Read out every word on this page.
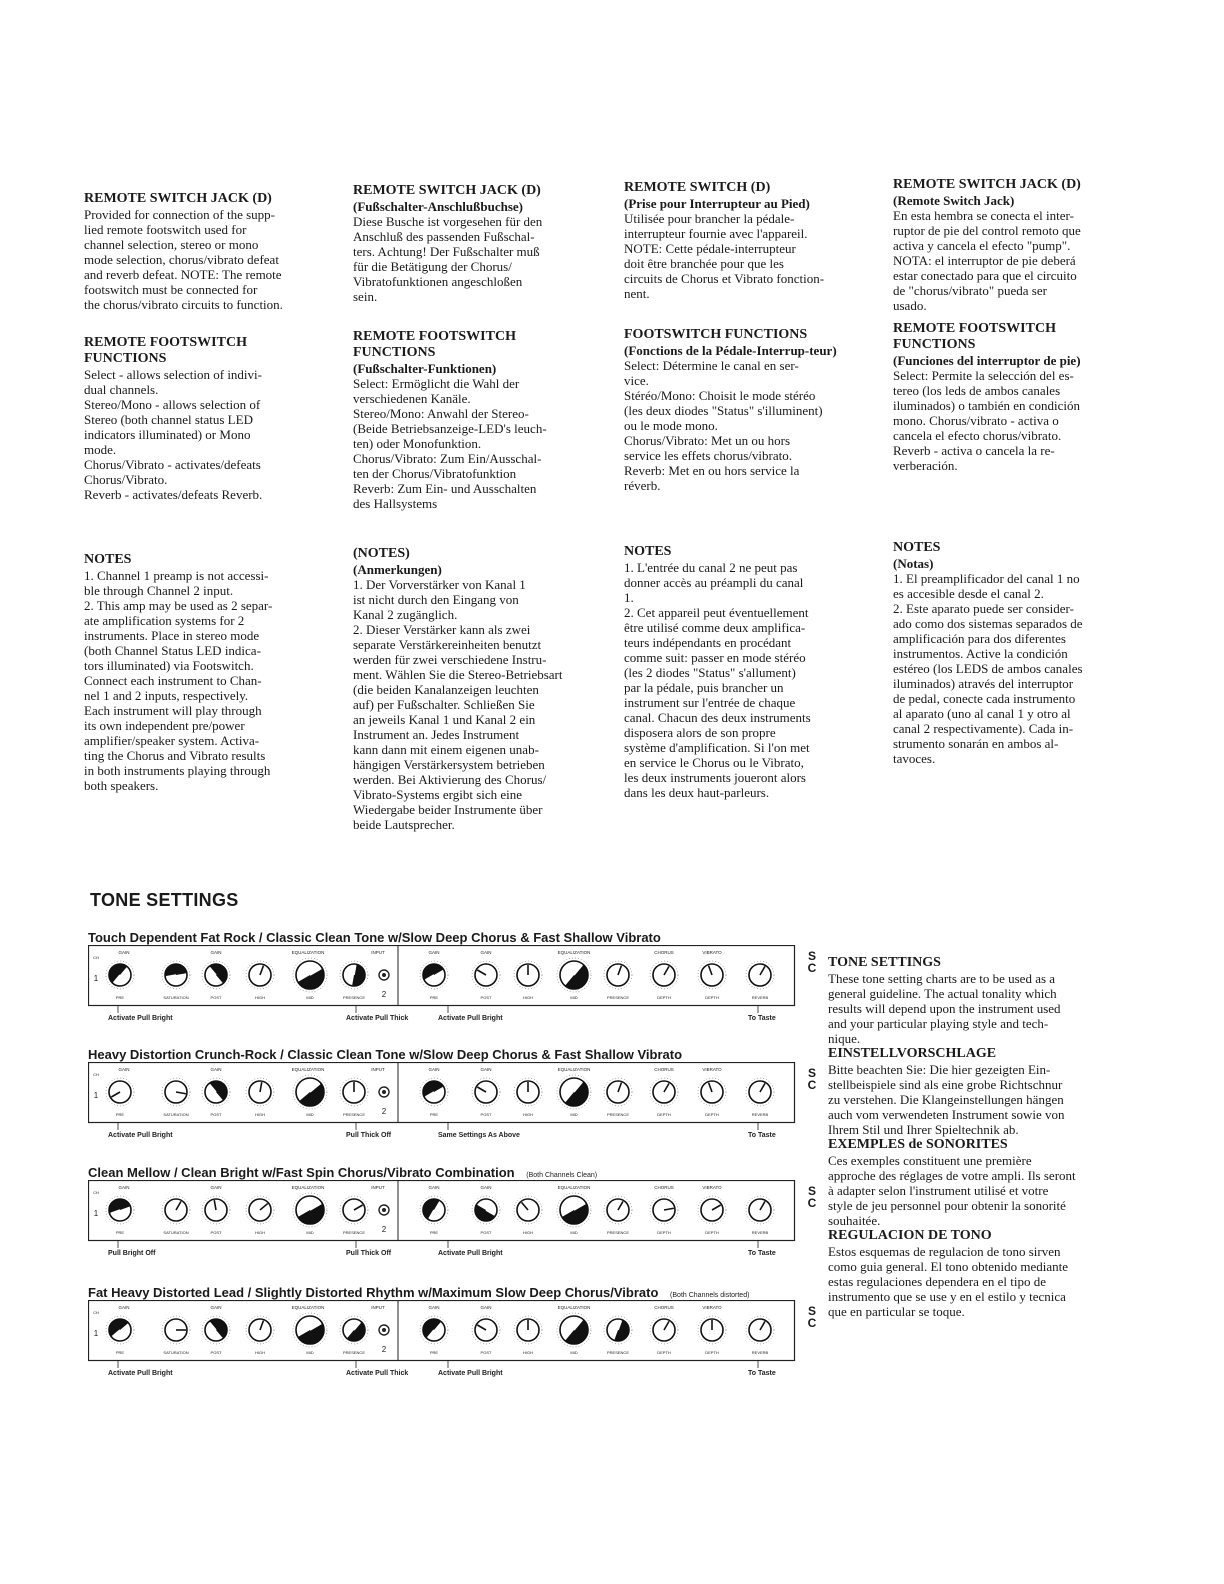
REMOTE SWITCH JACK (D)
Provided for connection of the supp-
lied remote footswitch used for
channel selection, stereo or mono
mode selection, chorus/vibrato defeat
and reverb defeat. NOTE: The remote
footswitch must be connected for
the chorus/vibrato circuits to function.
REMOTE FOOTSWITCH FUNCTIONS
Select - allows selection of indivi-
dual channels.
Stereo/Mono - allows selection of
Stereo (both channel status LED
indicators illuminated) or Mono
mode.
Chorus/Vibrato - activates/defeats
Chorus/Vibrato.
Reverb - activates/defeats Reverb.
NOTES
1. Channel 1 preamp is not accessi-
ble through Channel 2 input.
2. This amp may be used as 2 separ-
ate amplification systems for 2
instruments. Place in stereo mode
(both Channel Status LED indica-
tors illuminated) via Footswitch.
Connect each instrument to Chan-
nel 1 and 2 inputs, respectively.
Each instrument will play through
its own independent pre/power
amplifier/speaker system. Activa-
ting the Chorus and Vibrato results
in both instruments playing through
both speakers.
REMOTE SWITCH JACK (D)
(Fußschalter-Anschlußbuchse)
Diese Busche ist vorgesehen für den
Anschluß des passenden Fußschal-
ters. Achtung! Der Fußschalter muß
für die Betätigung der Chorus/
Vibratofunktionen angeschloßen
sein.
REMOTE FOOTSWITCH FUNCTIONS
(Fußschalter-Funktionen)
Select: Ermöglicht die Wahl der
verschiedenen Kanäle.
Stereo/Mono: Anwahl der Stereo-
(Beide Betriebsanzeige-LED's leuch-
ten) oder Monofunktion.
Chorus/Vibrato: Zum Ein/Ausschal-
ten der Chorus/Vibratofunktion
Reverb: Zum Ein- und Ausschalten
des Hallsystems
(NOTES)
(Anmerkungen)
1. Der Vorverstärker von Kanal 1
ist nicht durch den Eingang von
Kanal 2 zugänglich.
2. Dieser Verstärker kann als zwei
separate Verstärkereinheiten benutzt
werden für zwei verschiedene Instru-
ment. Wählen Sie die Stereo-Betriebsart
(die beiden Kanalanzeigen leuchten
auf) per Fußschalter. Schließen Sie
an jeweils Kanal 1 und Kanal 2 ein
Instrument an. Jedes Instrument
kann dann mit einem eigenen unab-
hängigen Verstärkersystem betrieben
werden. Bei Aktivierung des Chorus/
Vibrato-Systems ergibt sich eine
Wiedergabe beider Instrumente über
beide Lautsprecher.
REMOTE SWITCH (D)
(Prise pour Interrupteur au Pied)
Utilisée pour brancher la pédale-
interrupteur fournie avec l'appareil.
NOTE: Cette pédale-interrupteur
doit être branchée pour que les
circuits de Chorus et Vibrato fonction-
nent.
FOOTSWITCH FUNCTIONS
(Fonctions de la Pédale-Interrup-teur)
Select: Détermine le canal en ser-
vice.
Stéréo/Mono: Choisit le mode stéréo
(les deux diodes "Status" s'illuminent)
ou le mode mono.
Chorus/Vibrato: Met un ou hors
service les effets chorus/vibrato.
Reverb: Met en ou hors service la
réverb.
NOTES
1. L'entrée du canal 2 ne peut pas
donner accès au préampli du canal
1.
2. Cet appareil peut éventuellement
être utilisé comme deux amplifica-
teurs indépendants en procédant
comme suit: passer en mode stéréo
(les 2 diodes "Status" s'allument)
par la pédale, puis brancher un
instrument sur l'entrée de chaque
canal. Chacun des deux instruments
disposera alors de son propre
système d'amplification. Si l'on met
en service le Chorus ou le Vibrato,
les deux instruments joueront alors
dans les deux haut-parleurs.
REMOTE SWITCH JACK (D)
(Remote Switch Jack)
En esta hembra se conecta el inter-
ruptor de pie del control remoto que
activa y cancela el efecto "pump".
NOTA: el interruptor de pie deberá
estar conectado para que el circuito
de "chorus/vibrato" pueda ser
usado.
REMOTE FOOTSWITCH FUNCTIONS
(Funciones del interruptor de pie)
Select: Permite la selección del es-
tereo (los leds de ambos canales
iluminados) o también en condición
mono. Chorus/vibrato - activa o
cancela el efecto chorus/vibrato.
Reverb - activa o cancela la re-
verberación.
NOTES
(Notas)
1. El preamplificador del canal 1 no
es accesible desde el canal 2.
2. Este aparato puede ser consider-
ado como dos sistemas separados de
amplificación para dos diferentes
instrumentos. Active la condición
estéreo (los LEDS de ambos canales
iluminados) através del interruptor
de pedal, conecte cada instrumento
al aparato (uno al canal 1 y otro al
canal 2 respectivamente). Cada in-
strumento sonarán en ambos al-
tavoces.
TONE SETTINGS
Touch Dependent Fat Rock / Classic Clean Tone w/Slow Deep Chorus & Fast Shallow Vibrato
CH
1
GAIN	GAIN	EQUALIZATION	INPUT	GAIN	GAIN	EQUALIZATION	CHORUS	VIBRATO
2
PRE	SATURATION	POST	HIGH	MID	PRESENCE	PRE	POST	HIGH	MID	PRESENCE	DEPTH	DEPTH	REVERB
Activate Pull Bright	Activate Pull Thick	Activate Pull Bright	To Taste
S C
Heavy Distortion Crunch-Rock / Classic Clean Tone w/Slow Deep Chorus & Fast Shallow Vibrato
CH
1
GAIN	GAIN	EQUALIZATION	INPUT	GAIN	GAIN	EQUALIZATION	CHORUS	VIBRATO
2
PRE	SATURATION	POST	HIGH	MID	PRESENCE	PRE	POST	HIGH	MID	PRESENCE	DEPTH	DEPTH	REVERB
Activate Pull Bright	Pull Thick Off	Same Settings As Above	To Taste
S C
Clean Mellow / Clean Bright w/Fast Spin Chorus/Vibrato Combination (Both Channels Clean)
CH
1
GAIN	GAIN	EQUALIZATION	INPUT	GAIN	GAIN	EQUALIZATION	CHORUS	VIBRATO
2
PRE	SATURATION	POST	HIGH	MID	PRESENCE	PRE	POST	HIGH	MID	PRESENCE	DEPTH	DEPTH	REVERB
Pull Bright Off	Pull Thick Off	Activate Pull Bright	To Taste
S C
Fat Heavy Distorted Lead / Slightly Distorted Rhythm w/Maximum Slow Deep Chorus/Vibrato (Both Channels distorted)
CH
1
GAIN	GAIN	EQUALIZATION	INPUT	GAIN	GAIN	EQUALIZATION	CHORUS	VIBRATO
2
PRE	SATURATION	POST	HIGH	MID	PRESENCE	PRE	POST	HIGH	MID	PRESENCE	DEPTH	DEPTH	REVERB
Activate Pull Bright	Activate Pull Thick	Activate Pull Bright	To Taste
S C
TONE SETTINGS
These tone setting charts are to be used as a
general guideline. The actual tonality which
results will depend upon the instrument used
and your particular playing style and tech-
nique.
EINSTELLVORSCHLAGE
Bitte beachten Sie: Die hier gezeigten Ein-
stellbeispiele sind als eine grobe Richtschnur
zu verstehen. Die Klangeinstellungen hängen
auch vom verwendeten Instrument sowie von
Ihrem Stil und Ihrer Spieltechnik ab.
EXEMPLES de SONORITES
Ces exemples constituent une première
approche des réglages de votre ampli. Ils seront
à adapter selon l'instrument utilisé et votre
style de jeu personnel pour obtenir la sonorité
souhaitée.
REGULACION DE TONO
Estos esquemas de regulacion de tono sirven
como guia general. El tono obtenido mediante
estas regulaciones dependera en el tipo de
instrumento que se use y en el estilo y tecnica
que en particular se toque.
